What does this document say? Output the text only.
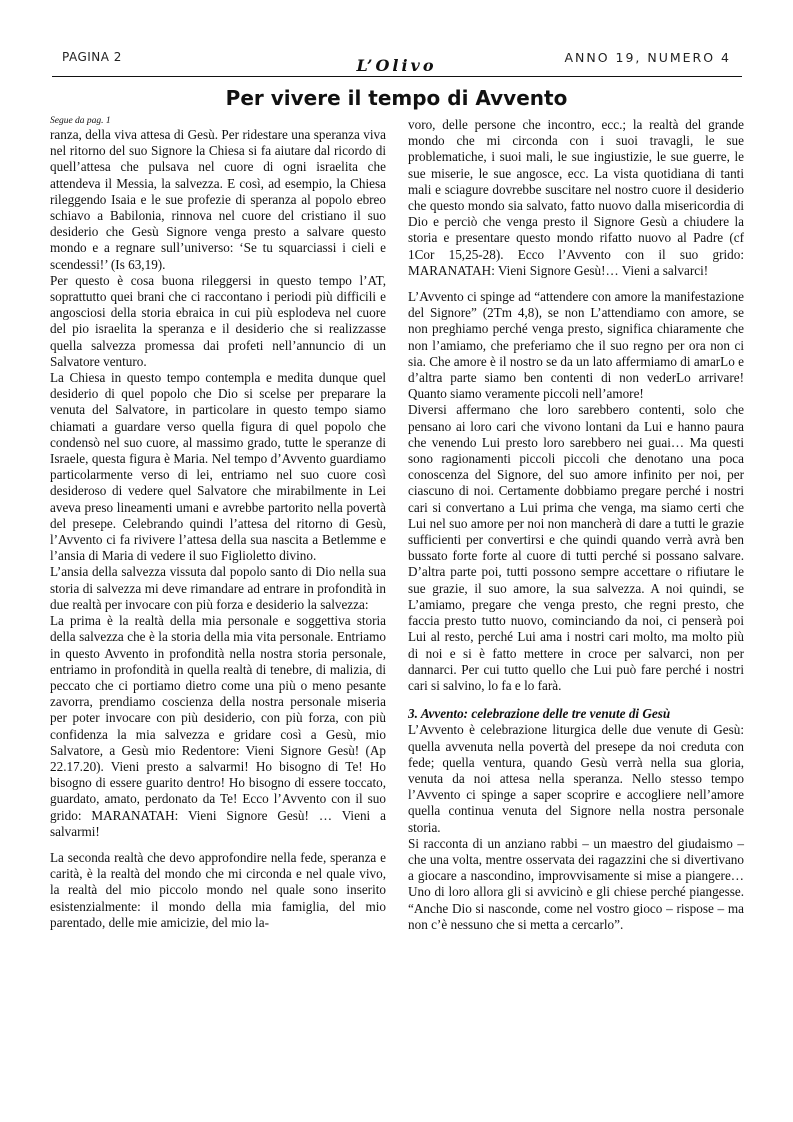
PAGINA 2	L’Olivo	ANNO 19, NUMERO 4
Per vivere il tempo di Avvento

Segue da pag. 1

ranza, della viva attesa di Gesù. Per ridestare una speranza viva nel ritorno del suo Signore la Chiesa si fa aiutare dal ricordo di quell’attesa che pulsava nel cuore di ogni israelita che attendeva il Messia, la salvezza. E così, ad esempio, la Chiesa rileggendo Isaia e le sue profezie di speranza al popolo ebreo schiavo a Babilonia, rinnova nel cuore del cristiano il suo desiderio che Gesù Signore venga presto a salvare questo mondo e a regnare sull’universo: ‘Se tu squarciassi i cieli e scendessi!’ (Is 63,19).

Per questo è cosa buona rileggersi in questo tempo l’AT, soprattutto quei brani che ci raccontano i periodi più difficili e angosciosi della storia ebraica in cui più esplodeva nel cuore del pio israelita la speranza e il desiderio che si realizzasse quella salvezza promessa dai profeti nell’annuncio di un Salvatore venturo.

La Chiesa in questo tempo contempla e medita dunque quel desiderio di quel popolo che Dio si scelse per preparare la venuta del Salvatore, in particolare in questo tempo siamo chiamati a guardare verso quella figura di quel popolo che condensò nel suo cuore, al massimo grado, tutte le speranze di Israele, questa figura è Maria. Nel tempo d’Avvento guardiamo particolarmente verso di lei, entriamo nel suo cuore così desideroso di vedere quel Salvatore che mirabilmente in Lei aveva preso lineamenti umani e avrebbe partorito nella povertà del presepe. Celebrando quindi l’attesa del ritorno di Gesù, l’Avvento ci fa rivivere l’attesa della sua nascita a Betlemme e l’ansia di Maria di vedere il suo Figlioletto divino.

L’ansia della salvezza vissuta dal popolo santo di Dio nella sua storia di salvezza mi deve rimandare ad entrare in profondità in due realtà per invocare con più forza e desiderio la salvezza:

La prima è la realtà della mia personale e soggettiva storia della salvezza che è la storia della mia vita personale. Entriamo in questo Avvento in profondità nella nostra storia personale, entriamo in profondità in quella realtà di tenebre, di malizia, di peccato che ci portiamo dietro come una più o meno pesante zavorra, prendiamo coscienza della nostra personale miseria per poter invocare con più desiderio, con più forza, con più confidenza la mia salvezza e gridare così a Gesù, mio Salvatore, a Gesù mio Redentore: Vieni Signore Gesù! (Ap 22.17.20). Vieni presto a salvarmi! Ho bisogno di Te! Ho bisogno di essere guarito dentro! Ho bisogno di essere toccato, guardato, amato, perdonato da Te! Ecco l’Avvento con il suo grido: MARANATAH: Vieni Signore Gesù! … Vieni a salvarmi!

La seconda realtà che devo approfondire nella fede, speranza e carità, è la realtà del mondo che mi circonda e nel quale vivo, la realtà del mio piccolo mondo nel quale sono inserito esistenzialmente: il mondo della mia famiglia, del mio parentado, delle mie amicizie, del mio la-

voro, delle persone che incontro, ecc.; la realtà del grande mondo che mi circonda con i suoi travagli, le sue problematiche, i suoi mali, le sue ingiustizie, le sue guerre, le sue miserie, le sue angosce, ecc. La vista quotidiana di tanti mali e sciagure dovrebbe suscitare nel nostro cuore il desiderio che questo mondo sia salvato, fatto nuovo dalla misericordia di Dio e perciò che venga presto il Signore Gesù a chiudere la storia e presentare questo mondo rifatto nuovo al Padre (cf 1Cor 15,25-28). Ecco l’Avvento con il suo grido: MARANATAH: Vieni Signore Gesù!… Vieni a salvarci!

L’Avvento ci spinge ad “attendere con amore la manifestazione del Signore” (2Tm 4,8), se non L’attendiamo con amore, se non preghiamo perché venga presto, significa chiaramente che non l’amiamo, che preferiamo che il suo regno per ora non ci sia. Che amore è il nostro se da un lato affermiamo di amarLo e d’altra parte siamo ben contenti di non vederLo arrivare! Quanto siamo veramente piccoli nell’amore!

Diversi affermano che loro sarebbero contenti, solo che pensano ai loro cari che vivono lontani da Lui e hanno paura che venendo Lui presto loro sarebbero nei guai… Ma questi sono ragionamenti piccoli piccoli che denotano una poca conoscenza del Signore, del suo amore infinito per noi, per ciascuno di noi. Certamente dobbiamo pregare perché i nostri cari si convertano a Lui prima che venga, ma siamo certi che Lui nel suo amore per noi non mancherà di dare a tutti le grazie sufficienti per convertirsi e che quindi quando verrà avrà ben bussato forte forte al cuore di tutti perché si possano salvare. D’altra parte poi, tutti possono sempre accettare o rifiutare le sue grazie, il suo amore, la sua salvezza. A noi quindi, se L’amiamo, pregare che venga presto, che regni presto, che faccia presto tutto nuovo, cominciando da noi, ci penserà poi Lui al resto, perché Lui ama i nostri cari molto, ma molto più di noi e si è fatto mettere in croce per salvarci, non per dannarci. Per cui tutto quello che Lui può fare perché i nostri cari si salvino, lo fa e lo farà.

3. Avvento: celebrazione delle tre venute di Gesù

L’Avvento è celebrazione liturgica delle due venute di Gesù: quella avvenuta nella povertà del presepe da noi creduta con fede; quella ventura, quando Gesù verrà nella sua gloria, venuta da noi attesa nella speranza. Nello stesso tempo l’Avvento ci spinge a saper scoprire e accogliere nell’amore quella continua venuta del Signore nella nostra personale storia.

Si racconta di un anziano rabbi – un maestro del giudaismo – che una volta, mentre osservata dei ragazzini che si divertivano a giocare a nascondino, improvvisamente si mise a piangere… Uno di loro allora gli si avvicinò e gli chiese perché piangesse. “Anche Dio si nasconde, come nel vostro gioco – rispose – ma non c’è nessuno che si metta a cercarlo”.
